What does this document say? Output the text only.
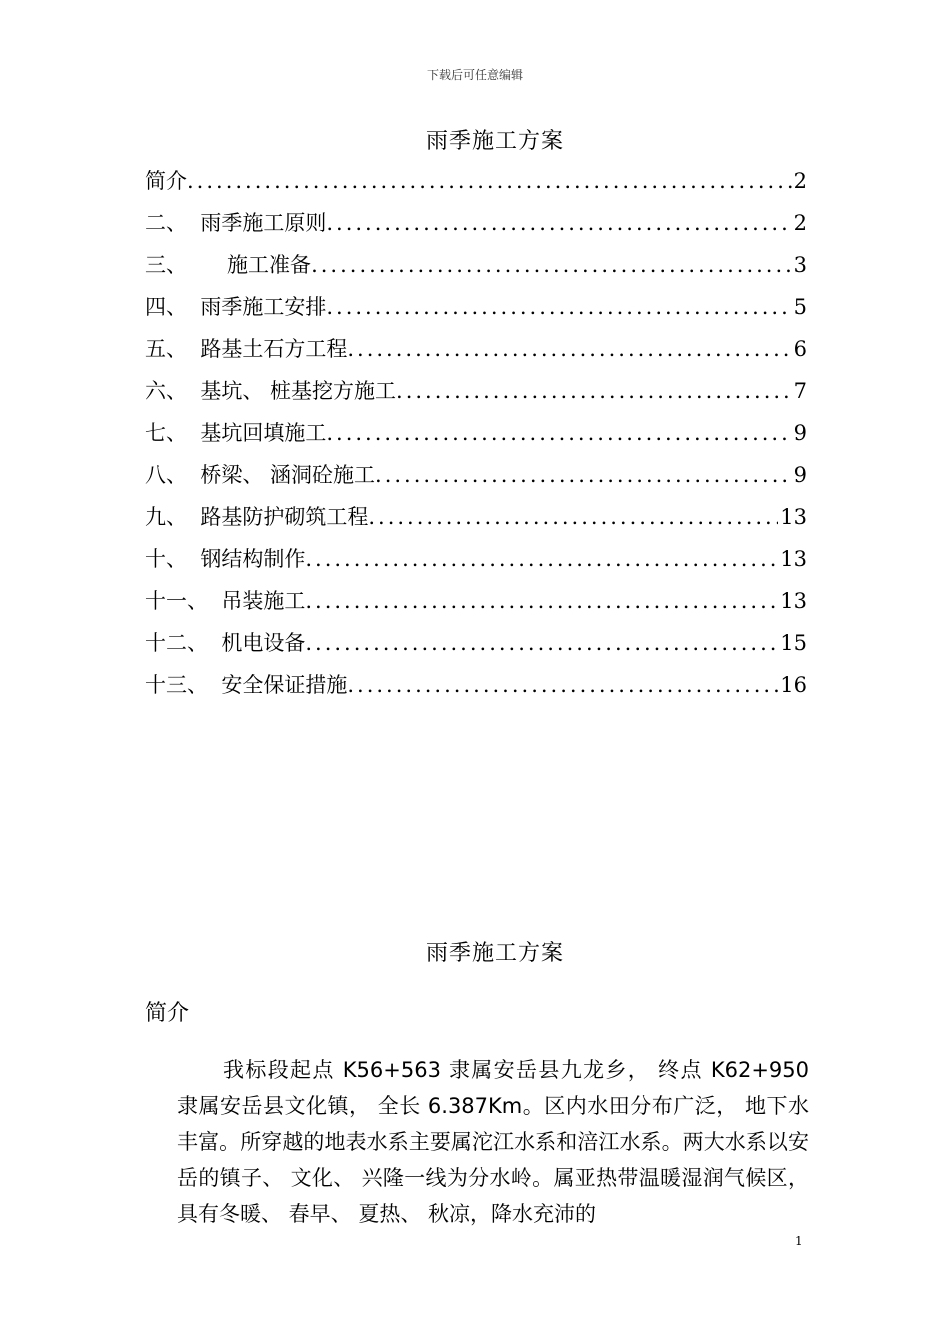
下载后可任意编辑
雨季施工方案
简介 .....	2
二、 雨季施工原则 .....	2
三、 施工准备 .....	3
四、 雨季施工安排 .....	5
五、 路基土石方工程 .....	6
六、 基坑、 桩基挖方施工 .....	7
七、 基坑回填施工 .....	9
八、 桥梁、 涵洞砼施工 .....	9
九、 路基防护砌筑工程 .....	13
十、 钢结构制作 .....	13
十一、 吊装施工 .....	13
十二、 机电设备 .....	15
十三、 安全保证措施 .....	16
雨季施工方案
简介

我标段起点 K56+563 隶属安岳县九龙乡， 终点 K62+950 隶属安岳县文化镇， 全长 6.387Km。区内水田分布广泛， 地下水丰富。所穿越的地表水系主要属沱江水系和涪江水系。两大水系以安岳的镇子、 文化、 兴隆一线为分水岭。属亚热带温暖湿润气候区，具有冬暖、 春早、 夏热、 秋凉，降水充沛的

1
